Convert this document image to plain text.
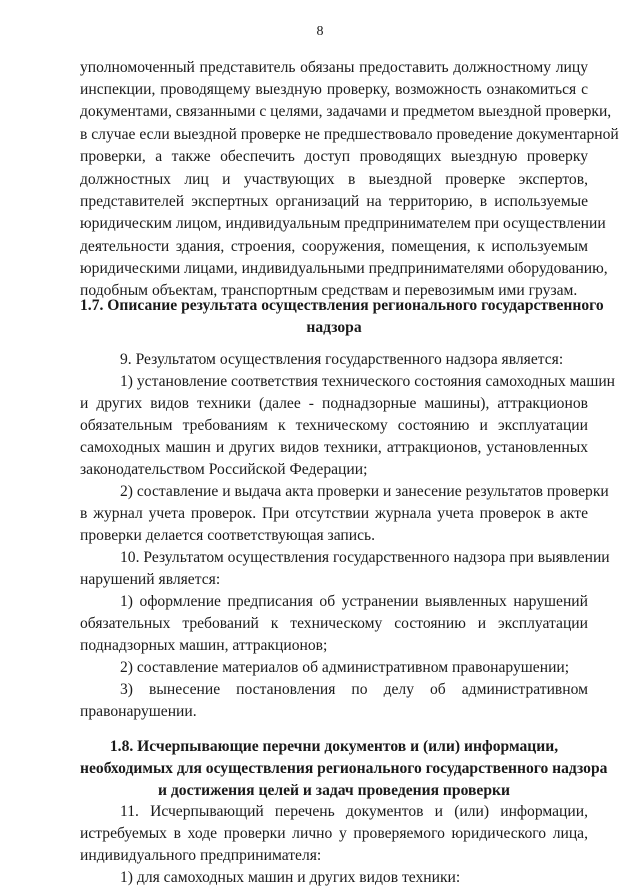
8
уполномоченный представитель обязаны предоставить должностному лицу
инспекции, проводящему выездную проверку, возможность ознакомиться с
документами, связанными с целями, задачами и предметом выездной проверки,
в случае если выездной проверке не предшествовало проведение документарной
проверки, а также обеспечить доступ проводящих выездную проверку
должностных лиц и участвующих в выездной проверке экспертов,
представителей экспертных организаций на территорию, в используемые
юридическим лицом, индивидуальным предпринимателем при осуществлении
деятельности здания, строения, сооружения, помещения, к используемым
юридическими лицами, индивидуальными предпринимателями оборудованию,
подобным объектам, транспортным средствам и перевозимым ими грузам.
1.7. Описание результата осуществления регионального государственного
надзора
9. Результатом осуществления государственного надзора является:
1) установление соответствия технического состояния самоходных машин
и других видов техники (далее - поднадзорные машины), аттракционов
обязательным требованиям к техническому состоянию и эксплуатации
самоходных машин и других видов техники, аттракционов, установленных
законодательством Российской Федерации;
2) составление и выдача акта проверки и занесение результатов проверки
в журнал учета проверок. При отсутствии журнала учета проверок в акте
проверки делается соответствующая запись.
10. Результатом осуществления государственного надзора при выявлении
нарушений является:
1) оформление предписания об устранении выявленных нарушений
обязательных требований к техническому состоянию и эксплуатации
поднадзорных машин, аттракционов;
2) составление материалов об административном правонарушении;
3) вынесение постановления по делу об административном
правонарушении.
1.8. Исчерпывающие перечни документов и (или) информации,
необходимых для осуществления регионального государственного надзора
и достижения целей и задач проведения проверки
11. Исчерпывающий перечень документов и (или) информации,
истребуемых в ходе проверки лично у проверяемого юридического лица,
индивидуального предпринимателя:
1) для самоходных машин и других видов техники:
